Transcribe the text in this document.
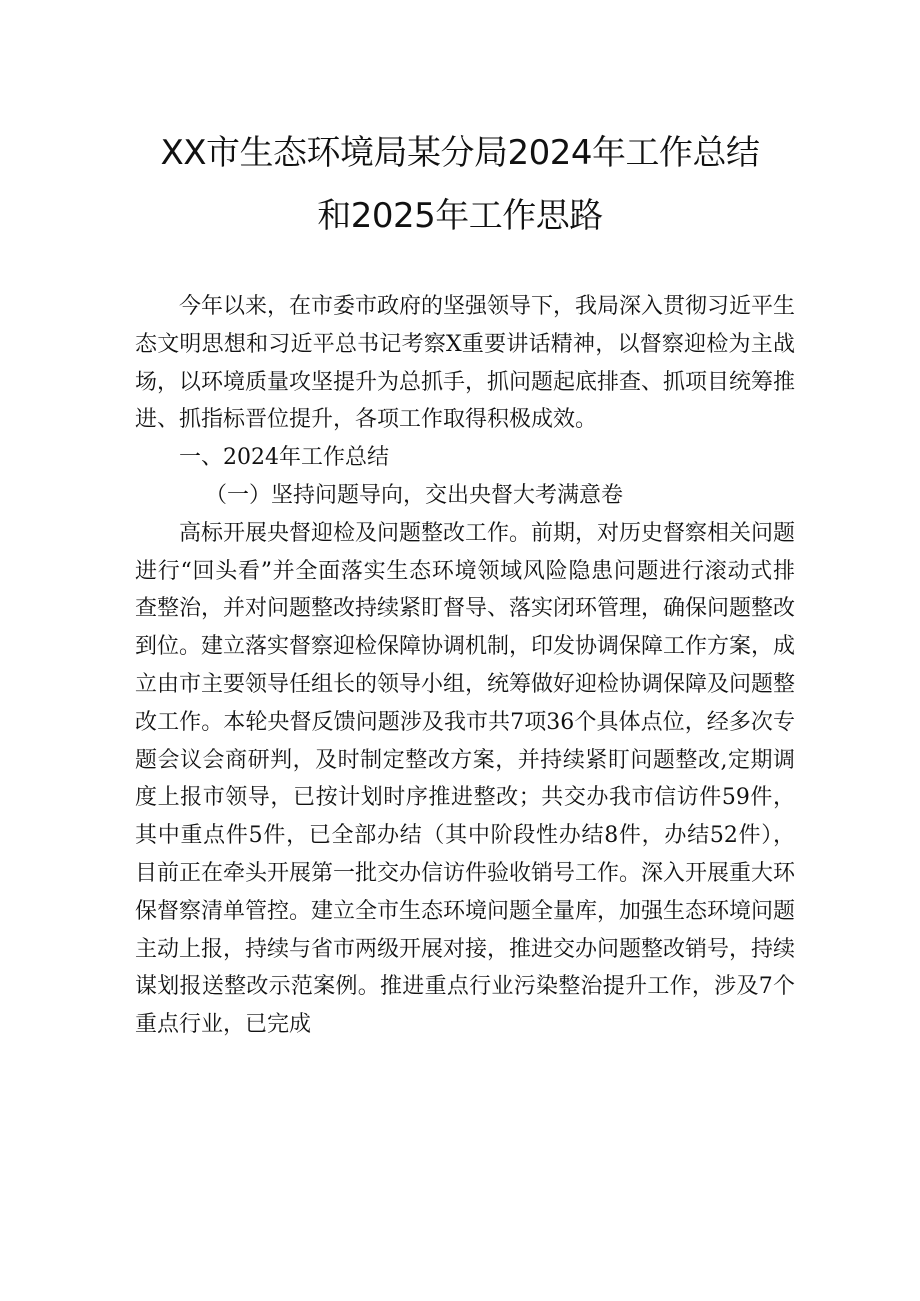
XX市生态环境局某分局2024年工作总结
和2025年工作思路

今年以来，在市委市政府的坚强领导下，我局深入贯彻习近平生态文明思想和习近平总书记考察X重要讲话精神，以督察迎检为主战场，以环境质量攻坚提升为总抓手，抓问题起底排查、抓项目统筹推进、抓指标晋位提升，各项工作取得积极成效。

一、2024年工作总结

（一）坚持问题导向，交出央督大考满意卷

高标开展央督迎检及问题整改工作。前期，对历史督察相关问题进行“回头看”并全面落实生态环境领域风险隐患问题进行滚动式排查整治，并对问题整改持续紧盯督导、落实闭环管理，确保问题整改到位。建立落实督察迎检保障协调机制，印发协调保障工作方案，成立由市主要领导任组长的领导小组，统筹做好迎检协调保障及问题整改工作。本轮央督反馈问题涉及我市共7项36个具体点位，经多次专题会议会商研判，及时制定整改方案，并持续紧盯问题整改,定期调度上报市领导，已按计划时序推进整改；共交办我市信访件59件，其中重点件5件，已全部办结（其中阶段性办结8件，办结52件），目前正在牵头开展第一批交办信访件验收销号工作。深入开展重大环保督察清单管控。建立全市生态环境问题全量库，加强生态环境问题主动上报，持续与省市两级开展对接，推进交办问题整改销号，持续谋划报送整改示范案例。推进重点行业污染整治提升工作，涉及7个重点行业，已完成
